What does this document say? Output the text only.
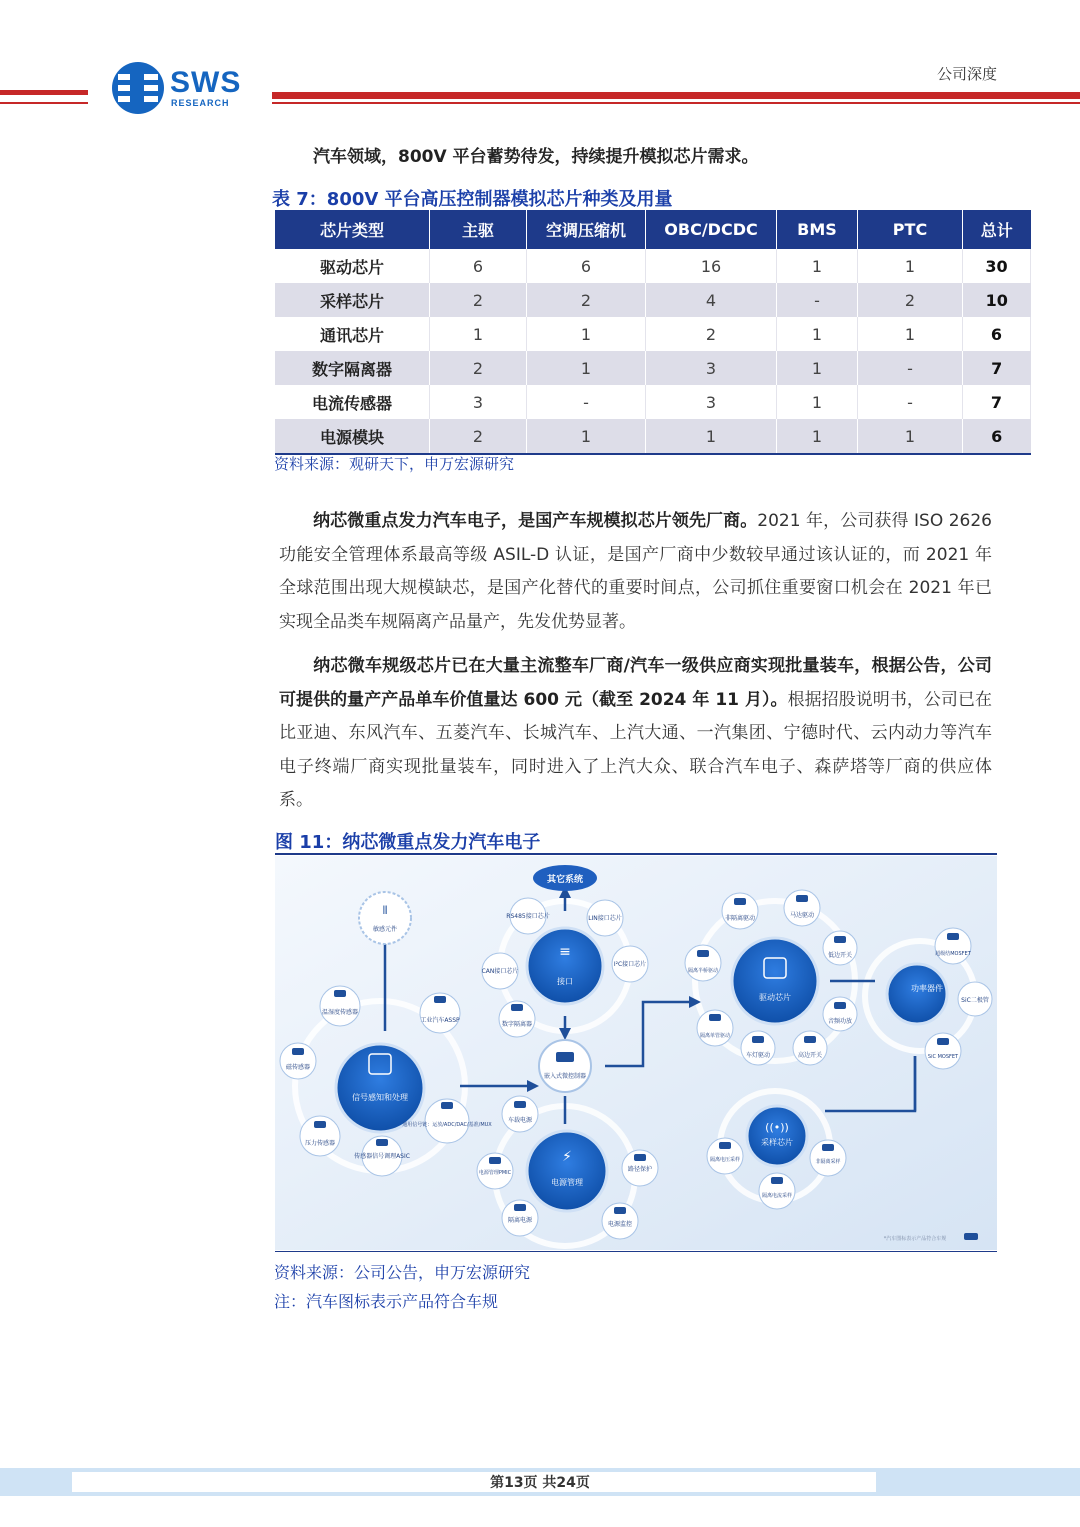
SWS
RESEARCH
公司深度
汽车领域，800V 平台蓄势待发，持续提升模拟芯片需求。
表 7：800V 平台高压控制器模拟芯片种类及用量
芯片类型	主驱	空调压缩机	OBC/DCDC	BMS	PTC	总计
驱动芯片	6	6	16	1	1	30
采样芯片	2	2	4	-	2	10
通讯芯片	1	1	2	1	1	6
数字隔离器	2	1	3	1	-	7
电流传感器	3	-	3	1	-	7
电源模块	2	1	1	1	1	6
资料来源：观研天下，申万宏源研究
纳芯微重点发力汽车电子，是国产车规模拟芯片领先厂商。2021 年，公司获得 ISO 2626 功能安全管理体系最高等级 ASIL-D 认证，是国产厂商中少数较早通过该认证的，而 2021 年全球范围出现大规模缺芯，是国产化替代的重要时间点，公司抓住重要窗口机会在 2021 年已实现全品类车规隔离产品量产，先发优势显著。
纳芯微车规级芯片已在大量主流整车厂商/汽车一级供应商实现批量装车，根据公告，公司可提供的量产产品单车价值量达 600 元（截至 2024 年 11 月）。根据招股说明书，公司已在比亚迪、东风汽车、五菱汽车、长城汽车、上汽大通、一汽集团、宁德时代、云内动力等汽车电子终端厂商实现批量装车，同时进入了上汽大众、联合汽车电子、森萨塔等厂商的供应体系。
图 11：纳芯微重点发力汽车电子
信号感知和处理
≡
接口
⚡
电源管理
驱动芯片
((•))
采样芯片
功率器件
嵌入式微控制器
其它系统
⫴
敏感元件
温湿度传感器
磁传感器
压力传感器
传感器信号调理ASIC
通用信号链：运放/ADC/DAC/基准/MUX
工业汽车ASSP
RS485接口芯片	LIN接口芯片
CAN接口芯片
I²C接口芯片
数字隔离器
非隔离驱动	马达驱动
低边开关
隔离半桥驱动
隔离单管驱动
音频功放
车灯驱动	高边开关
超级结MOSFET
SiC二极管
SiC MOSFET
车载电源
电源管理PMIC	路径保护
隔离电源
电源监控
隔离电压采样	非隔离采样
隔离电流采样
*汽车图标表示产品符合车规
资料来源：公司公告，申万宏源研究
注：汽车图标表示产品符合车规
第13页 共24页
